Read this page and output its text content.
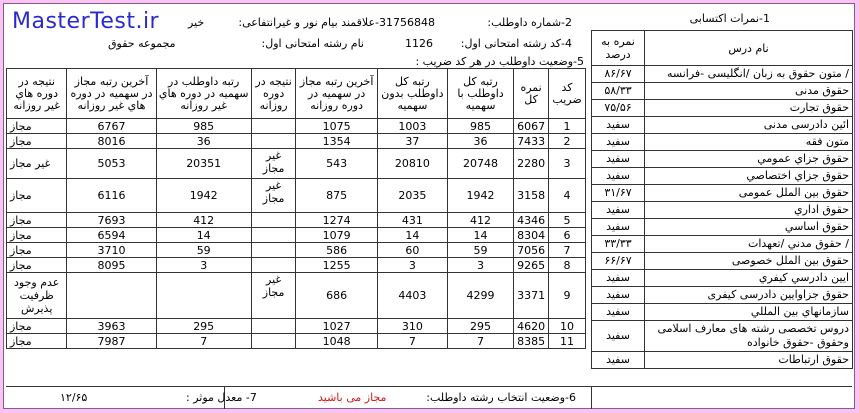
MasterTest.ir	1-نمرات اکتسابی
2-شماره داوطلب:
1756848
3-علاقمند بیام نور و غیرانتفاعی:
خیر
4-کد رشته امتحانی اول:
1126
نام رشته امتحانی اول:
مجموعه حقوق
5-وضعیت داوطلب در هر کد ضریب :
نام درس	نمره به درصد
/ متون حقوق به زبان /انگلیسی -فرانسه	۸۶/۶۷
حقوق مدنی	۵۸/۳۳
حقوق تجارت	۷۵/۵۶
ائین دادرسی مدنی	سفید
متون فقه	سفید
حقوق جزاي عمومي	سفید
حقوق جزاي اختصاصي	سفید
حقوق بین الملل عمومی	۳۱/۶۷
حقوق اداري	سفید
حقوق اساسي	سفید
/ حقوق مدني /تعهدات	۳۳/۳۳
حقوق بین الملل خصوصی	۶۶/۶۷
ايين دادرسي كيفري	سفید
حقوق جزاوایین دادرسی کیفری	سفید
سازمانهاي بين المللي	سفید
دروس تخصصی رشته های معارف اسلامی وحقوق -حقوق خانواده	سفید
حقوق ارتباطات	سفید
کد ضریب	نمره کل	رتبه کل داوطلب با سهمیه	رتبه کل داوطلب بدون سهمیه	آخرین رتبه مجاز در سهمیه در دوره روزانه	نتیجه در دوره روزانه	رتبه داوطلب در سهمیه در دوره هاي غیر روزانه	آخرین رتبه مجاز در سهمیه در دوره هاي غیر روزانه	نتیجه در دوره هاي غیر روزانه
1	6067	985	1003	1075		985	6767	مجاز
2	7433	36	37	1354		36	8016	مجاز
3	2280	20748	20810	543	غیر مجاز	20351	5053	غیر مجاز
4	3158	1942	2035	875	غیر مجاز	1942	6116	مجاز
5	4346	412	431	1274		412	7693	مجاز
6	8304	14	14	1079		14	6594	مجاز
7	7056	59	60	586		59	3710	مجاز
8	9265	3	3	1255		3	8095	مجاز
9	3371	4299	4403	686	غیر مجاز			عدم وجود ظرفیت پذیرش
10	4620	295	310	1027		295	3963	مجاز
11	8385	7	7	1048		7	7987	مجاز
6-وضعیت انتخاب رشته داوطلب:
مجاز می باشید
7- معدل موثر :
۱۲/۶۵
